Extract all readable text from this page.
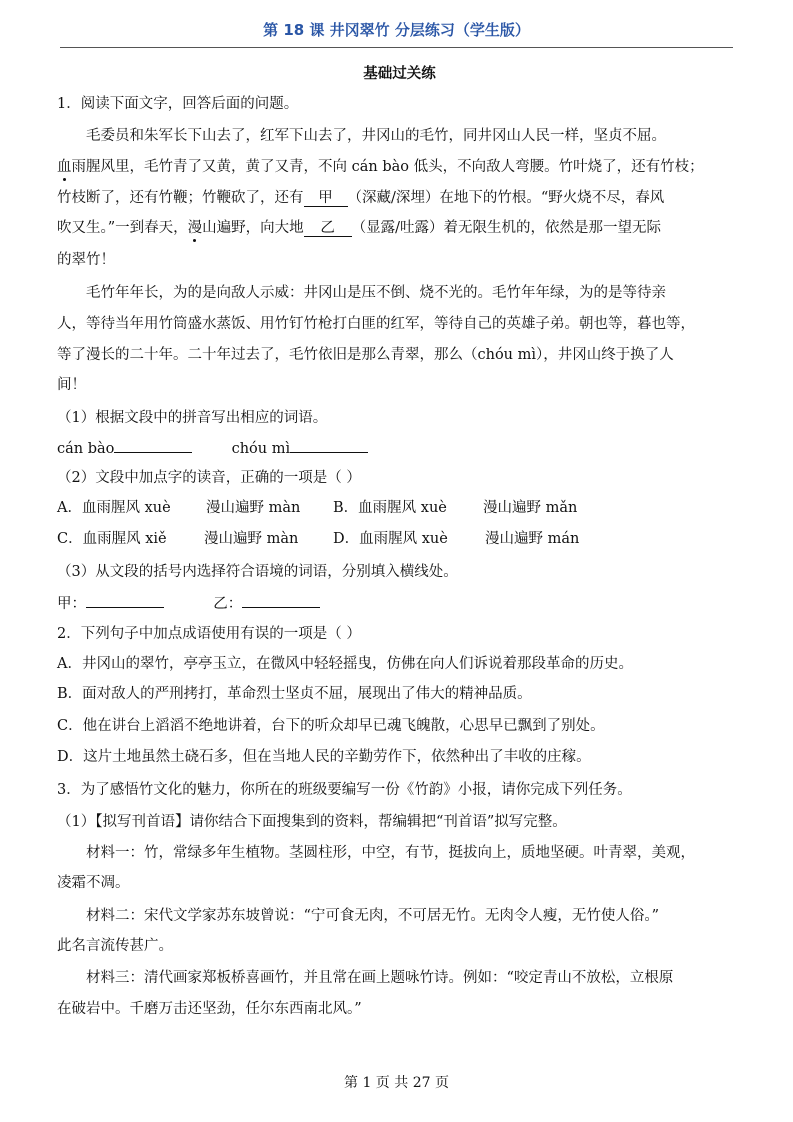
第 18 课 井冈翠竹 分层练习（学生版）
基础过关练
1．阅读下面文字，回答后面的问题。
毛委员和朱军长下山去了，红军下山去了，井冈山的毛竹，同井冈山人民一样，坚贞不屈。
血雨腥风里，毛竹青了又黄，黄了又青，不向 cán bào 低头，不向敌人弯腰。竹叶烧了，还有竹枝；
竹枝断了，还有竹鞭；竹鞭砍了，还有 甲 （深藏/深埋）在地下的竹根。“野火烧不尽，春风
吹又生。”一到春天，漫山遍野，向大地 乙 （显露/吐露）着无限生机的，依然是那一望无际
的翠竹！
毛竹年年长，为的是向敌人示威：井冈山是压不倒、烧不光的。毛竹年年绿，为的是等待亲
人，等待当年用竹筒盛水蒸饭、用竹钉竹枪打白匪的红军，等待自己的英雄子弟。朝也等，暮也等，
等了漫长的二十年。二十年过去了，毛竹依旧是那么青翠，那么（chóu mì），井冈山终于换了人
间！
（1）根据文段中的拼音写出相应的词语。
cán bào	chóu mì
（2）文段中加点字的读音，正确的一项是（ ）
A．血雨腥风 xuè 漫山遍野 màn B．血雨腥风 xuè 漫山遍野 mǎn
C．血雨腥风 xiě	漫山遍野 màn D．血雨腥风 xuè	漫山遍野 mán
（3）从文段的括号内选择符合语境的词语，分别填入横线处。
甲：	乙：
2．下列句子中加点成语使用有误的一项是（ ）
A．井冈山的翠竹，亭亭玉立，在微风中轻轻摇曳，仿佛在向人们诉说着那段革命的历史。
B．面对敌人的严刑拷打，革命烈士坚贞不屈，展现出了伟大的精神品质。
C．他在讲台上滔滔不绝地讲着，台下的听众却早已魂飞魄散，心思早已飘到了别处。
D．这片土地虽然土硗石多，但在当地人民的辛勤劳作下，依然种出了丰收的庄稼。
3．为了感悟竹文化的魅力，你所在的班级要编写一份《竹韵》小报，请你完成下列任务。
（1）【拟写刊首语】请你结合下面搜集到的资料，帮编辑把“刊首语”拟写完整。
材料一：竹，常绿多年生植物。茎圆柱形，中空，有节，挺拔向上，质地坚硬。叶青翠，美观，
凌霜不凋。
材料二：宋代文学家苏东坡曾说：“宁可食无肉，不可居无竹。无肉令人瘦，无竹使人俗。”
此名言流传甚广。
材料三：清代画家郑板桥喜画竹，并且常在画上题咏竹诗。例如：“咬定青山不放松，立根原
在破岩中。千磨万击还坚劲，任尔东西南北风。”
第 1 页 共 27 页
